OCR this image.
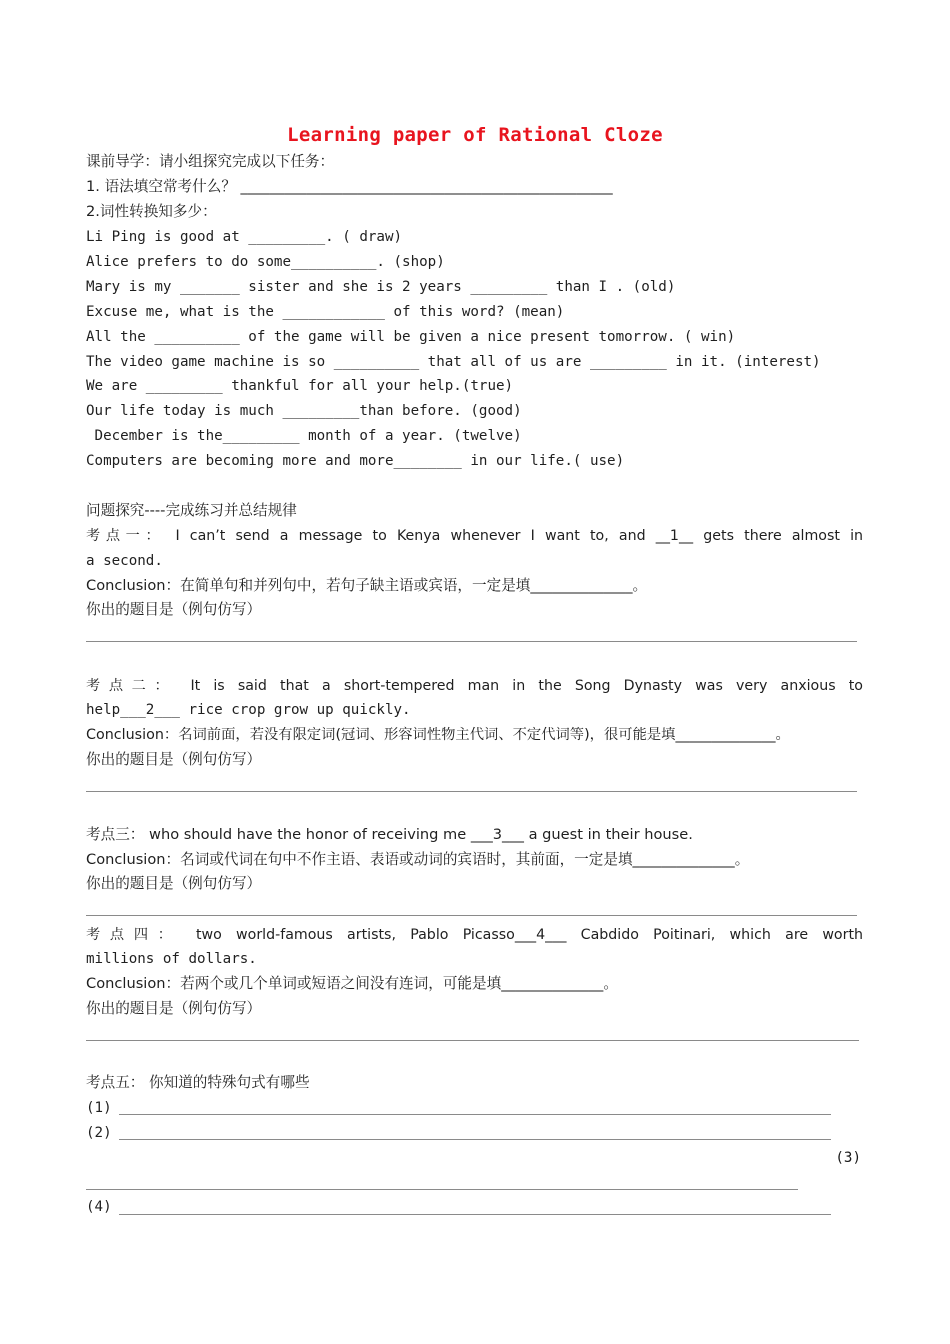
Learning paper of Rational Cloze
课前导学：请小组探究完成以下任务：
1. 语法填空常考什么？ ___________________________________________________
2.词性转换知多少：
Li Ping is good at _________. ( draw)
Alice prefers to do some__________. (shop)
Mary is my _______ sister and she is 2 years _________ than I . (old)
Excuse me, what is the ____________ of this word? (mean)
All the __________ of the game will be given a nice present tomorrow. ( win)
The video game machine is so __________ that all of us are _________ in it. (interest)
We are _________ thankful for all your help.(true)
Our life today is much _________than before. (good)
December is the_________ month of a year. (twelve)
Computers are becoming more and more________ in our life.( use)
问题探究----完成练习并总结规律
考点一： I can’t send a message to Kenya whenever I want to, and __1__ gets there almost in
a second.
Conclusion：在简单句和并列句中，若句子缺主语或宾语，一定是填______________。
你出的题目是（例句仿写）
考点二： It is said that a short-tempered man in the Song Dynasty was very anxious to
help___2___ rice crop grow up quickly.
Conclusion：名词前面，若没有限定词(冠词、形容词性物主代词、不定代词等)，很可能是填______________。
你出的题目是（例句仿写）
考点三： who should have the honor of receiving me ___3___ a guest in their house.
Conclusion：名词或代词在句中不作主语、表语或动词的宾语时，其前面，一定是填______________。
你出的题目是（例句仿写）
考点四： two world-famous artists, Pablo Picasso___4___ Cabdido Poitinari, which are worth
millions of dollars.
Conclusion：若两个或几个单词或短语之间没有连词，可能是填______________。
你出的题目是（例句仿写）
考点五： 你知道的特殊句式有哪些
(1)
(2)
(3)
(4)
